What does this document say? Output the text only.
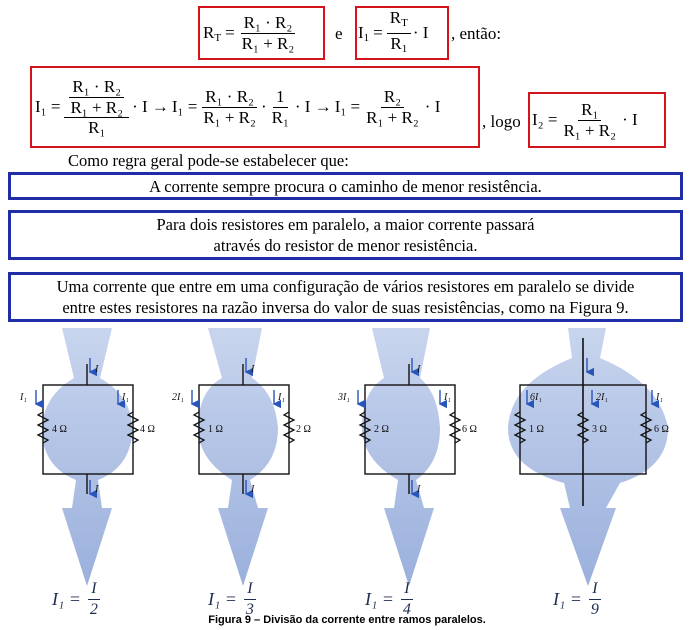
$R_T = \frac{\text{R₁ · R₂}}{\text{R₁ + R₂}}$ e $I_1 = \frac{R_T}{R_1} \cdot I$ , então:
$I_1 = \frac{\frac{\text{R₁ · R₂}}{\text{R₁ + R₂}}}{\text{R₁}} \cdot I \to I_1 = \frac{\text{R₁ · R₂}}{\text{R₁ + R₂}} \cdot \frac{1}{\text{R₁}} \cdot I \to I_1 = \frac{\text{R₂}}{\text{R₁ + R₂}} \cdot I$
, logo $I_2 = \frac{\text{R₁}}{\text{R₁ + R₂}} \cdot I$
Como regra geral pode-se estabelecer que:
A corrente sempre procura o caminho de menor resistência.
Para dois resistores em paralelo, a maior corrente passará
através do resistor de menor resistência.
Uma corrente que entre em uma configuração de vários resistores em paralelo se divide
entre estes resistores na razão inversa do valor de suas resistências, como na Figura 9.
I
I
4 Ω	4 Ω
I₁	I₁
I
I
1 Ω	2 Ω
2I₁	I₁
I
I
2 Ω	6 Ω
3I₁	I₁
1 Ω	3 Ω	6 Ω
6I₁	2I₁	I₁
$I_1 = \frac{I}{2}$	$I_1 = \frac{I}{3}$	$I_1 = \frac{I}{4}$	$I_1 = \frac{I}{9}$
Figura 9 – Divisão da corrente entre ramos paralelos.
